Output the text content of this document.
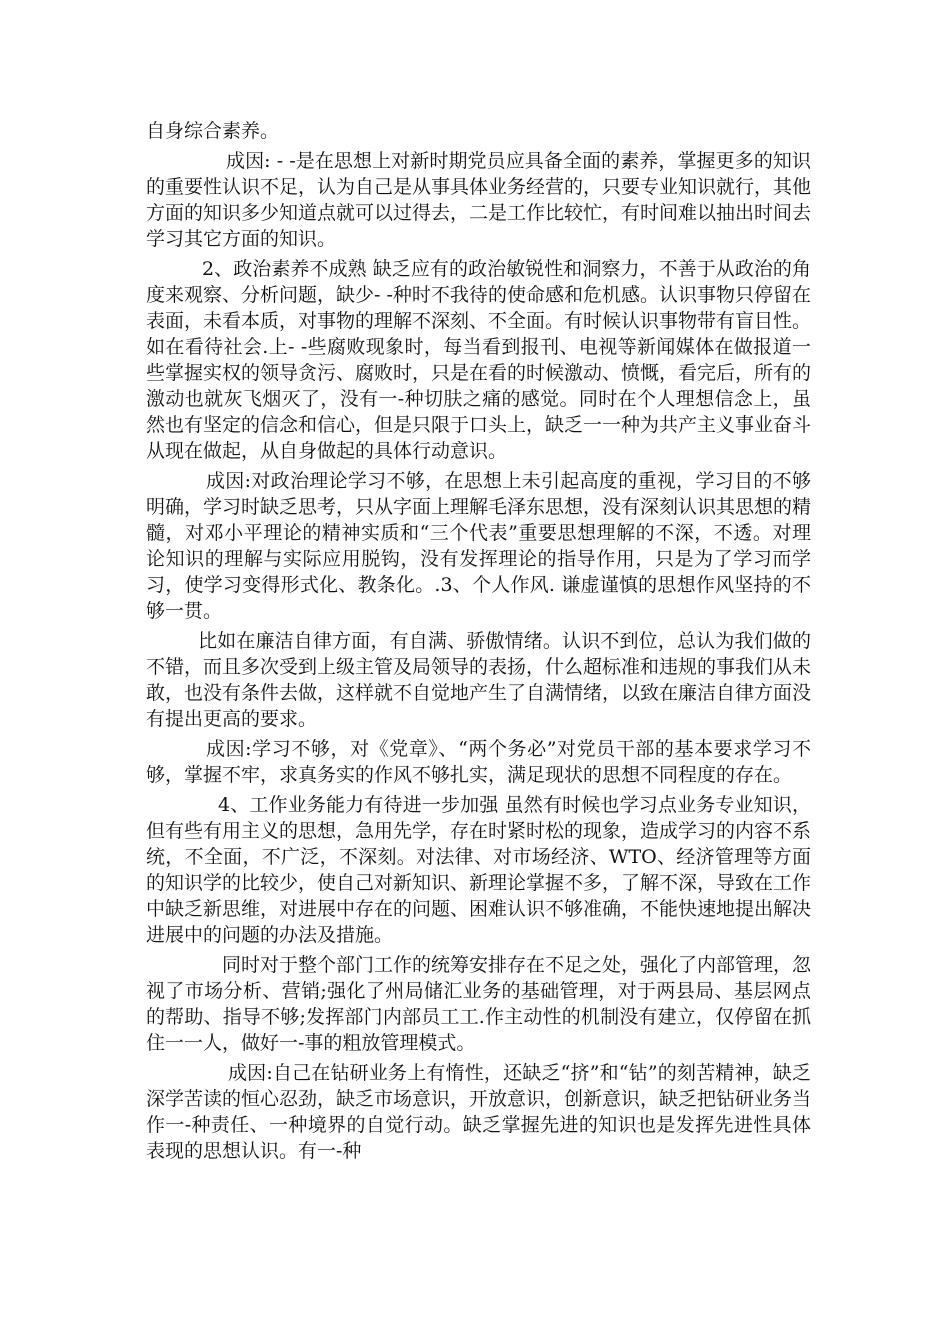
自身综合素养。

成因: - -是在思想上对新时期党员应具备全面的素养，掌握更多的知识的重要性认识不足，认为自己是从事具体业务经营的，只要专业知识就行，其他方面的知识多少知道点就可以过得去，二是工作比较忙，有时间难以抽出时间去学习其它方面的知识。

2、政治素养不成熟 缺乏应有的政治敏锐性和洞察力，不善于从政治的角度来观察、分析问题，缺少- -种时不我待的使命感和危机感。认识事物只停留在表面，未看本质，对事物的理解不深刻、不全面。有时候认识事物带有盲目性。如在看待社会.上- -些腐败现象时，每当看到报刊、电视等新闻媒体在做报道一些掌握实权的领导贪污、腐败时，只是在看的时候激动、愤慨，看完后，所有的激动也就灰飞烟灭了，没有一-种切肤之痛的感觉。同时在个人理想信念上，虽然也有坚定的信念和信心，但是只限于口头上，缺乏一一种为共产主义事业奋斗从现在做起，从自身做起的具体行动意识。

成因:对政治理论学习不够，在思想上未引起高度的重视，学习目的不够明确，学习时缺乏思考，只从字面上理解毛泽东思想，没有深刻认识其思想的精髓，对邓小平理论的精神实质和“三个代表”重要思想理解的不深，不透。对理论知识的理解与实际应用脱钩，没有发挥理论的指导作用，只是为了学习而学习，使学习变得形式化、教条化。.3、个人作风. 谦虚谨慎的思想作风坚持的不够一贯。

比如在廉洁自律方面，有自满、骄傲情绪。认识不到位，总认为我们做的不错，而且多次受到上级主管及局领导的表扬，什么超标准和违规的事我们从未敢，也没有条件去做，这样就不自觉地产生了自满情绪，以致在廉洁自律方面没有提出更高的要求。

成因:学习不够，对《党章》、“两个务必”对党员干部的基本要求学习不够，掌握不牢，求真务实的作风不够扎实，满足现状的思想不同程度的存在。

4、工作业务能力有待进一步加强 虽然有时候也学习点业务专业知识，但有些有用主义的思想，急用先学，存在时紧时松的现象，造成学习的内容不系统，不全面，不广泛，不深刻。对法律、对市场经济、WTO、经济管理等方面的知识学的比较少，使自己对新知识、新理论掌握不多，了解不深，导致在工作中缺乏新思维，对进展中存在的问题、困难认识不够准确，不能快速地提出解决进展中的问题的办法及措施。

同时对于整个部门工作的统筹安排存在不足之处，强化了内部管理，忽视了市场分析、营销;强化了州局储汇业务的基础管理，对于两县局、基层网点的帮助、指导不够;发挥部门内部员工工.作主动性的机制没有建立，仅停留在抓住一一人，做好一-事的粗放管理模式。

成因:自己在钻研业务上有惰性，还缺乏“挤”和“钻”的刻苦精神，缺乏深学苦读的恒心忍劲，缺乏市场意识，开放意识，创新意识，缺乏把钻研业务当作一-种责任、一种境界的自觉行动。缺乏掌握先进的知识也是发挥先进性具体表现的思想认识。有一-种
